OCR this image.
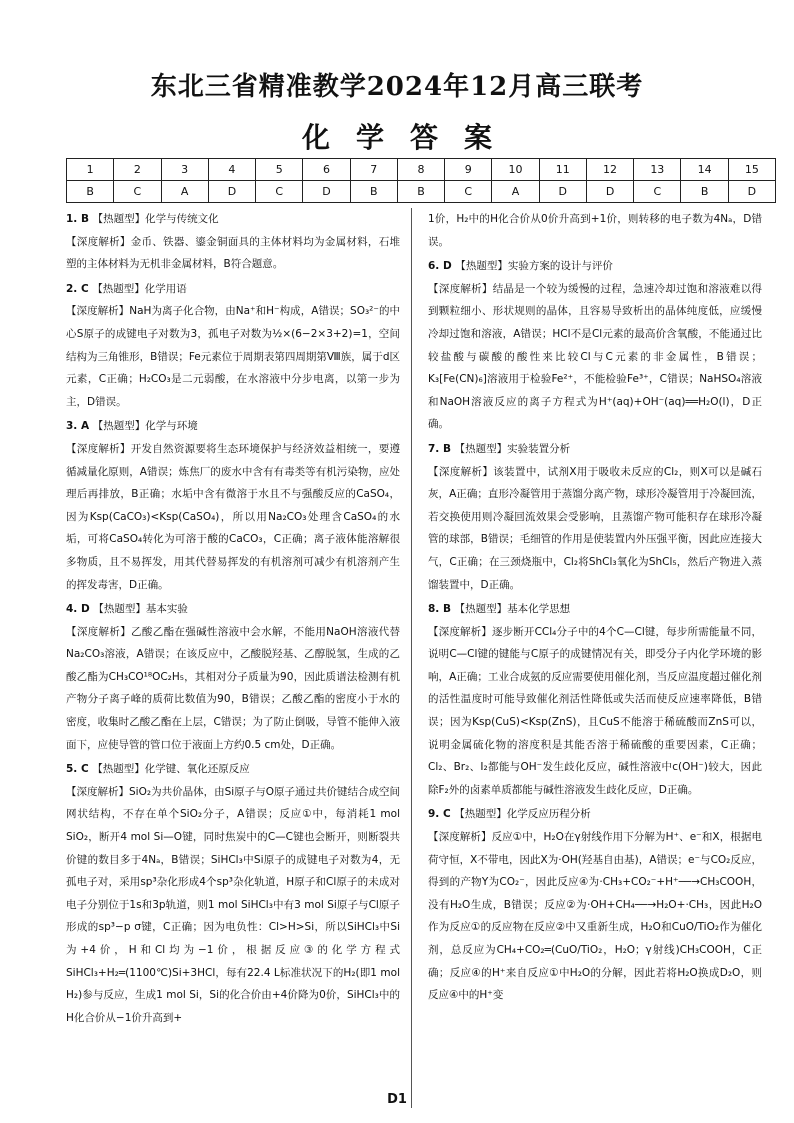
东北三省精准教学2024年12月高三联考
化学答案
1	2	3	4	5	6	7	8	9	10	11	12	13	14	15
B	C	A	D	C	D	B	B	C	A	D	D	C	B	D
1. B 【热题型】化学与传统文化
【深度解析】金币、铁器、鎏金铜面具的主体材料均为金属材料，石堆塑的主体材料为无机非金属材料，B符合题意。
2. C 【热题型】化学用语
【深度解析】NaH为离子化合物，由Na⁺和H⁻构成，A错误；SO₃²⁻的中心S原子的成键电子对数为3，孤电子对数为½×(6−2×3+2)=1，空间结构为三角锥形，B错误；Fe元素位于周期表第四周期第Ⅷ族，属于d区元素，C正确；H₂CO₃是二元弱酸，在水溶液中分步电离，以第一步为主，D错误。
3. A 【热题型】化学与环境
【深度解析】开发自然资源要将生态环境保护与经济效益相统一，要遵循减量化原则，A错误；炼焦厂的废水中含有有毒类等有机污染物，应处理后再排放，B正确；水垢中含有微溶于水且不与强酸反应的CaSO₄，因为Ksp(CaCO₃)<Ksp(CaSO₄)，所以用Na₂CO₃处理含CaSO₄的水垢，可将CaSO₄转化为可溶于酸的CaCO₃，C正确；离子液体能溶解很多物质，且不易挥发，用其代替易挥发的有机溶剂可减少有机溶剂产生的挥发毒害，D正确。
4. D 【热题型】基本实验
【深度解析】乙酸乙酯在强碱性溶液中会水解，不能用NaOH溶液代替Na₂CO₃溶液，A错误；在该反应中，乙酸脱羟基、乙醇脱氢，生成的乙酸乙酯为CH₃CO¹⁸OC₂H₅，其相对分子质量为90，因此质谱法检测有机产物分子离子峰的质荷比数值为90，B错误；乙酸乙酯的密度小于水的密度，收集时乙酸乙酯在上层，C错误；为了防止倒吸，导管不能伸入液面下，应使导管的管口位于液面上方约0.5 cm处，D正确。
5. C 【热题型】化学键、氧化还原反应
【深度解析】SiO₂为共价晶体，由Si原子与O原子通过共价键结合成空间网状结构，不存在单个SiO₂分子，A错误；反应①中，每消耗1 mol SiO₂，断开4 mol Si—O键，同时焦炭中的C—C键也会断开，则断裂共价键的数目多于4Nₐ，B错误；SiHCl₃中Si原子的成键电子对数为4，无孤电子对，采用sp³杂化形成4个sp³杂化轨道，H原子和Cl原子的未成对电子分别位于1s和3p轨道，则1 mol SiHCl₃中有3 mol Si原子与Cl原子形成的sp³−p σ键，C正确；因为电负性：Cl>H>Si，所以SiHCl₃中Si为+4价，H和Cl均为−1价，根据反应③的化学方程式SiHCl₃+H₂═(1100℃)Si+3HCl，每有22.4 L标准状况下的H₂(即1 mol H₂)参与反应，生成1 mol Si，Si的化合价由+4价降为0价，SiHCl₃中的H化合价从−1价升高到+
1价，H₂中的H化合价从0价升高到+1价，则转移的电子数为4Nₐ，D错误。
6. D 【热题型】实验方案的设计与评价
【深度解析】结晶是一个较为缓慢的过程，急速冷却过饱和溶液难以得到颗粒细小、形状规则的晶体，且容易导致析出的晶体纯度低，应缓慢冷却过饱和溶液，A错误；HCl不是Cl元素的最高价含氧酸，不能通过比较盐酸与碳酸的酸性来比较Cl与C元素的非金属性，B错误；K₃[Fe(CN)₆]溶液用于检验Fe²⁺，不能检验Fe³⁺，C错误；NaHSO₄溶液和NaOH溶液反应的离子方程式为H⁺(aq)+OH⁻(aq)══H₂O(l)，D正确。
7. B 【热题型】实验装置分析
【深度解析】该装置中，试剂X用于吸收未反应的Cl₂，则X可以是碱石灰，A正确；直形冷凝管用于蒸馏分离产物，球形冷凝管用于冷凝回流，若交换使用则冷凝回流效果会受影响，且蒸馏产物可能积存在球形冷凝管的球部，B错误；毛细管的作用是使装置内外压强平衡，因此应连接大气，C正确；在三颈烧瓶中，Cl₂将ShCl₃氧化为ShCl₅，然后产物进入蒸馏装置中，D正确。
8. B 【热题型】基本化学思想
【深度解析】逐步断开CCl₄分子中的4个C—Cl键，每步所需能量不同，说明C—Cl键的键能与C原子的成键情况有关，即受分子内化学环境的影响，A正确；工业合成氨的反应需要使用催化剂，当反应温度超过催化剂的活性温度时可能导致催化剂活性降低或失活而使反应速率降低，B错误；因为Ksp(CuS)<Ksp(ZnS)，且CuS不能溶于稀硫酸而ZnS可以，说明金属硫化物的溶度积是其能否溶于稀硫酸的重要因素，C正确；Cl₂、Br₂、I₂都能与OH⁻发生歧化反应，碱性溶液中c(OH⁻)较大，因此除F₂外的卤素单质都能与碱性溶液发生歧化反应，D正确。
9. C 【热题型】化学反应历程分析
【深度解析】反应①中，H₂O在γ射线作用下分解为H⁺、e⁻和X，根据电荷守恒，X不带电，因此X为·OH(羟基自由基)，A错误；e⁻与CO₂反应，得到的产物Y为CO₂⁻，因此反应④为·CH₃+CO₂⁻+H⁺──→CH₃COOH，没有H₂O生成，B错误；反应②为·OH+CH₄──→H₂O+·CH₃，因此H₂O作为反应①的反应物在反应②中又重新生成，H₂O和CuO/TiO₂作为催化剂，总反应为CH₄+CO₂═(CuO/TiO₂，H₂O；γ射线)CH₃COOH，C正确；反应④的H⁺来自反应①中H₂O的分解，因此若将H₂O换成D₂O，则反应④中的H⁺变
D1
